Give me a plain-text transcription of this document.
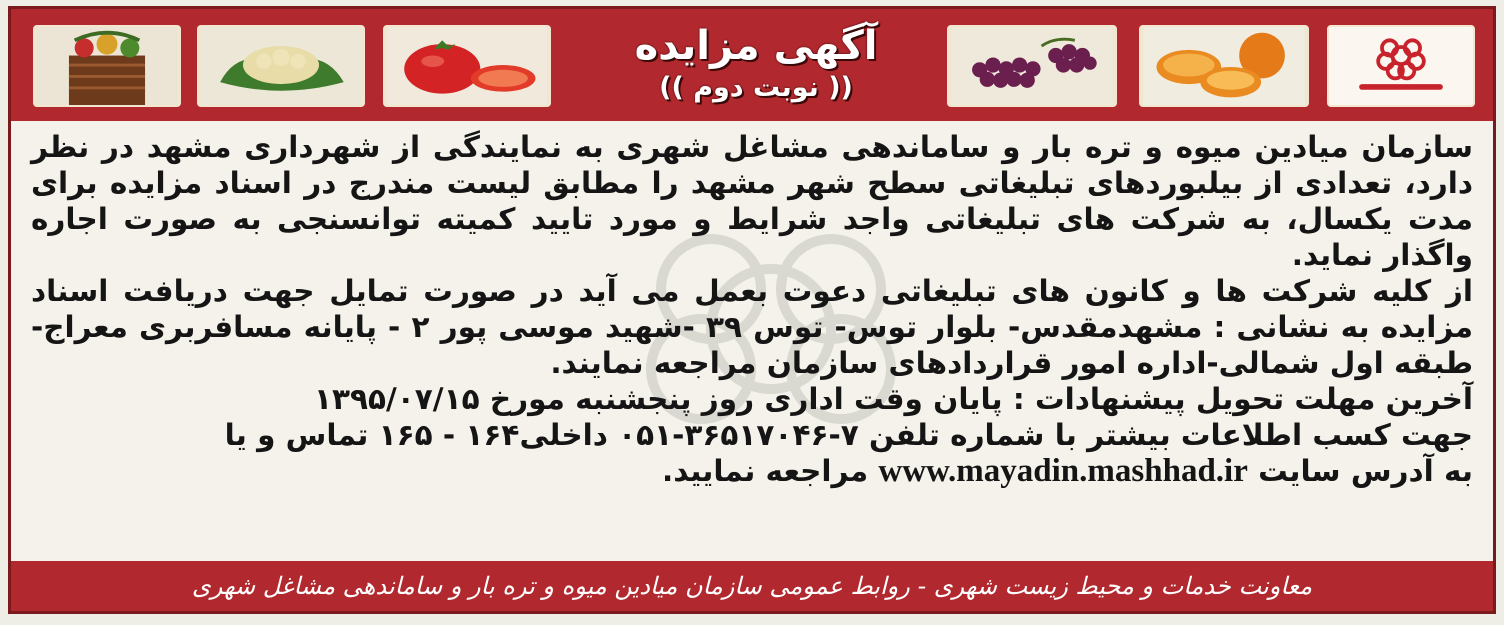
آگهی مزایده
(( نوبت دوم ))

سازمان میادین میوه و تره بار و ساماندهی مشاغل شهری به نمایندگی از شهرداری مشهد در نظر دارد، تعدادی از بیلبوردهای تبلیغاتی سطح شهر مشهد را مطابق لیست مندرج در اسناد مزایده برای مدت یکسال، به شرکت های تبلیغاتی واجد شرایط و مورد تایید کمیته توانسنجی به صورت اجاره واگذار نماید.

از کلیه شرکت ها و کانون های تبلیغاتی دعوت بعمل می آید در صورت تمایل جهت دریافت اسناد مزایده به نشانی : مشهدمقدس- بلوار توس- توس ۳۹ -شهید موسی پور ۲ - پایانه مسافربری معراج-طبقه اول شمالی-اداره امور قراردادهای سازمان مراجعه نمایند.

آخرین مهلت تحویل پیشنهادات : پایان وقت اداری روز پنجشنبه مورخ ۱۳۹۵/۰۷/۱۵

جهت کسب اطلاعات بیشتر با شماره تلفن ۷-۳۶۵۱۷۰۴۶-۰۵۱ داخلی۱۶۴ - ۱۶۵ تماس و یا

به آدرس سایت www.mayadin.mashhad.ir مراجعه نمایید.

معاونت خدمات و محیط زیست شهری - روابط عمومی سازمان میادین میوه و تره بار و ساماندهی مشاغل شهری
